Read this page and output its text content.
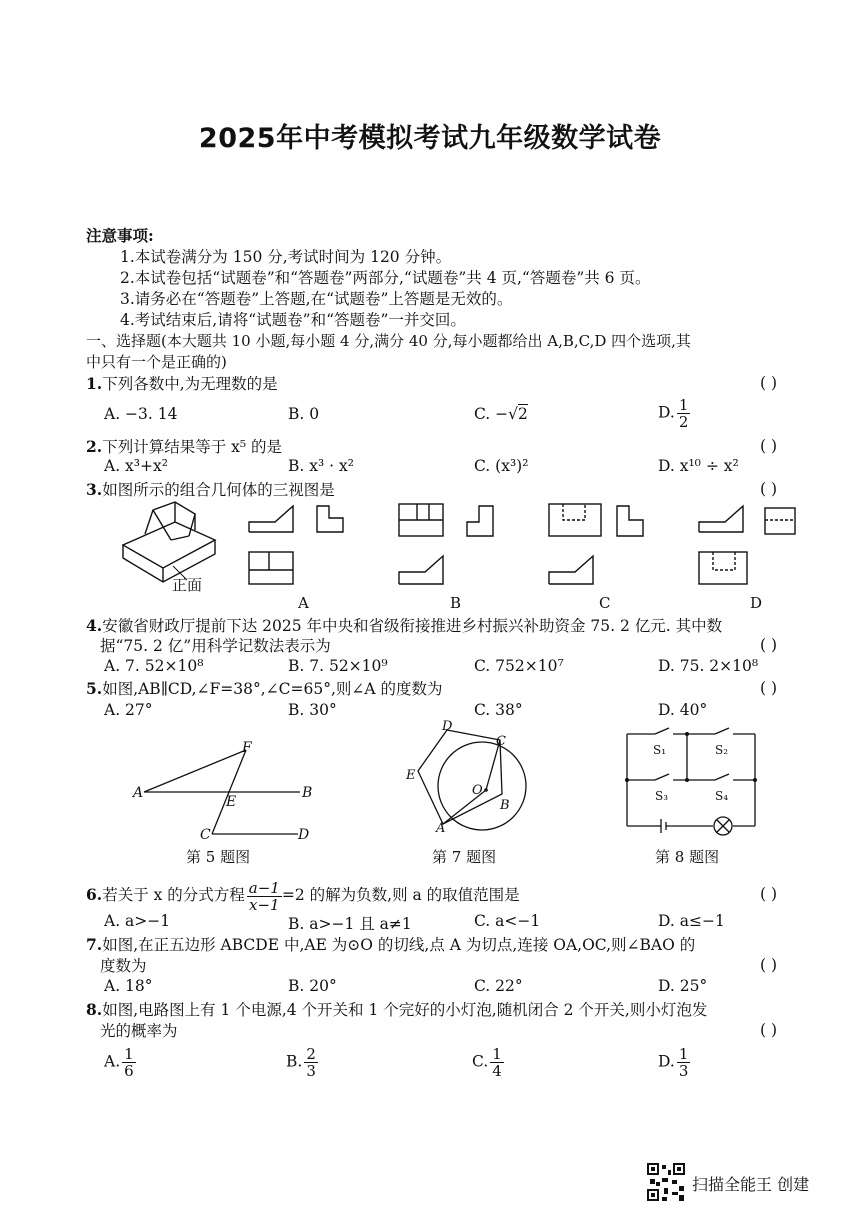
2025年中考模拟考试九年级数学试卷
注意事项:
1.本试卷满分为 150 分,考试时间为 120 分钟。
2.本试卷包括“试题卷”和“答题卷”两部分,“试题卷”共 4 页,“答题卷”共 6 页。
3.请务必在“答题卷”上答题,在“试题卷”上答题是无效的。
4.考试结束后,请将“试题卷”和“答题卷”一并交回。
一、选择题(本大题共 10 小题,每小题 4 分,满分 40 分,每小题都给出 A,B,C,D 四个选项,其
中只有一个是正确的)
1.下列各数中,为无理数的是	( )
A. −3. 14	B. 0	C. −√2	D. $\frac{1}{2}$
2.下列计算结果等于 x⁵ 的是	( )
A. x³+x²	B. x³ · x²	C. (x³)²	D. x¹⁰ ÷ x²
3.如图所示的组合几何体的三视图是	( )
正面
A	B	C	D
4.安徽省财政厅提前下达 2025 年中央和省级衔接推进乡村振兴补助资金 75. 2 亿元. 其中数
据“75. 2 亿”用科学记数法表示为	( )
A. 7. 52×10⁸	B. 7. 52×10⁹	C. 752×10⁷	D. 75. 2×10⁸
5.如图,AB∥CD,∠F=38°,∠C=65°,则∠A 的度数为	( )
A. 27°	B. 30°	C. 38°	D. 40°
A	B
C	D
E
F
第 5 题图
D
C
E
O
B
A
第 7 题图
S₁	S₂
S₃	S₄
第 8 题图
6.若关于 x 的分式方程 $\frac{a-1}{x-1} =2$ 的解为负数,则 a 的取值范围是	( )
A. a>−1	B. a>−1 且 a≠1	C. a<−1	D. a≤−1
7.如图,在正五边形 ABCDE 中,AE 为⊙O 的切线,点 A 为切点,连接 OA,OC,则∠BAO 的
度数为	( )
A. 18°	B. 20°	C. 22°	D. 25°
8.如图,电路图上有 1 个电源,4 个开关和 1 个完好的小灯泡,随机闭合 2 个开关,则小灯泡发
光的概率为	( )
A. $\frac{1}{6}$	B. $\frac{2}{3}$	C. $\frac{1}{4}$	D. $\frac{1}{3}$
扫描全能王 创建
